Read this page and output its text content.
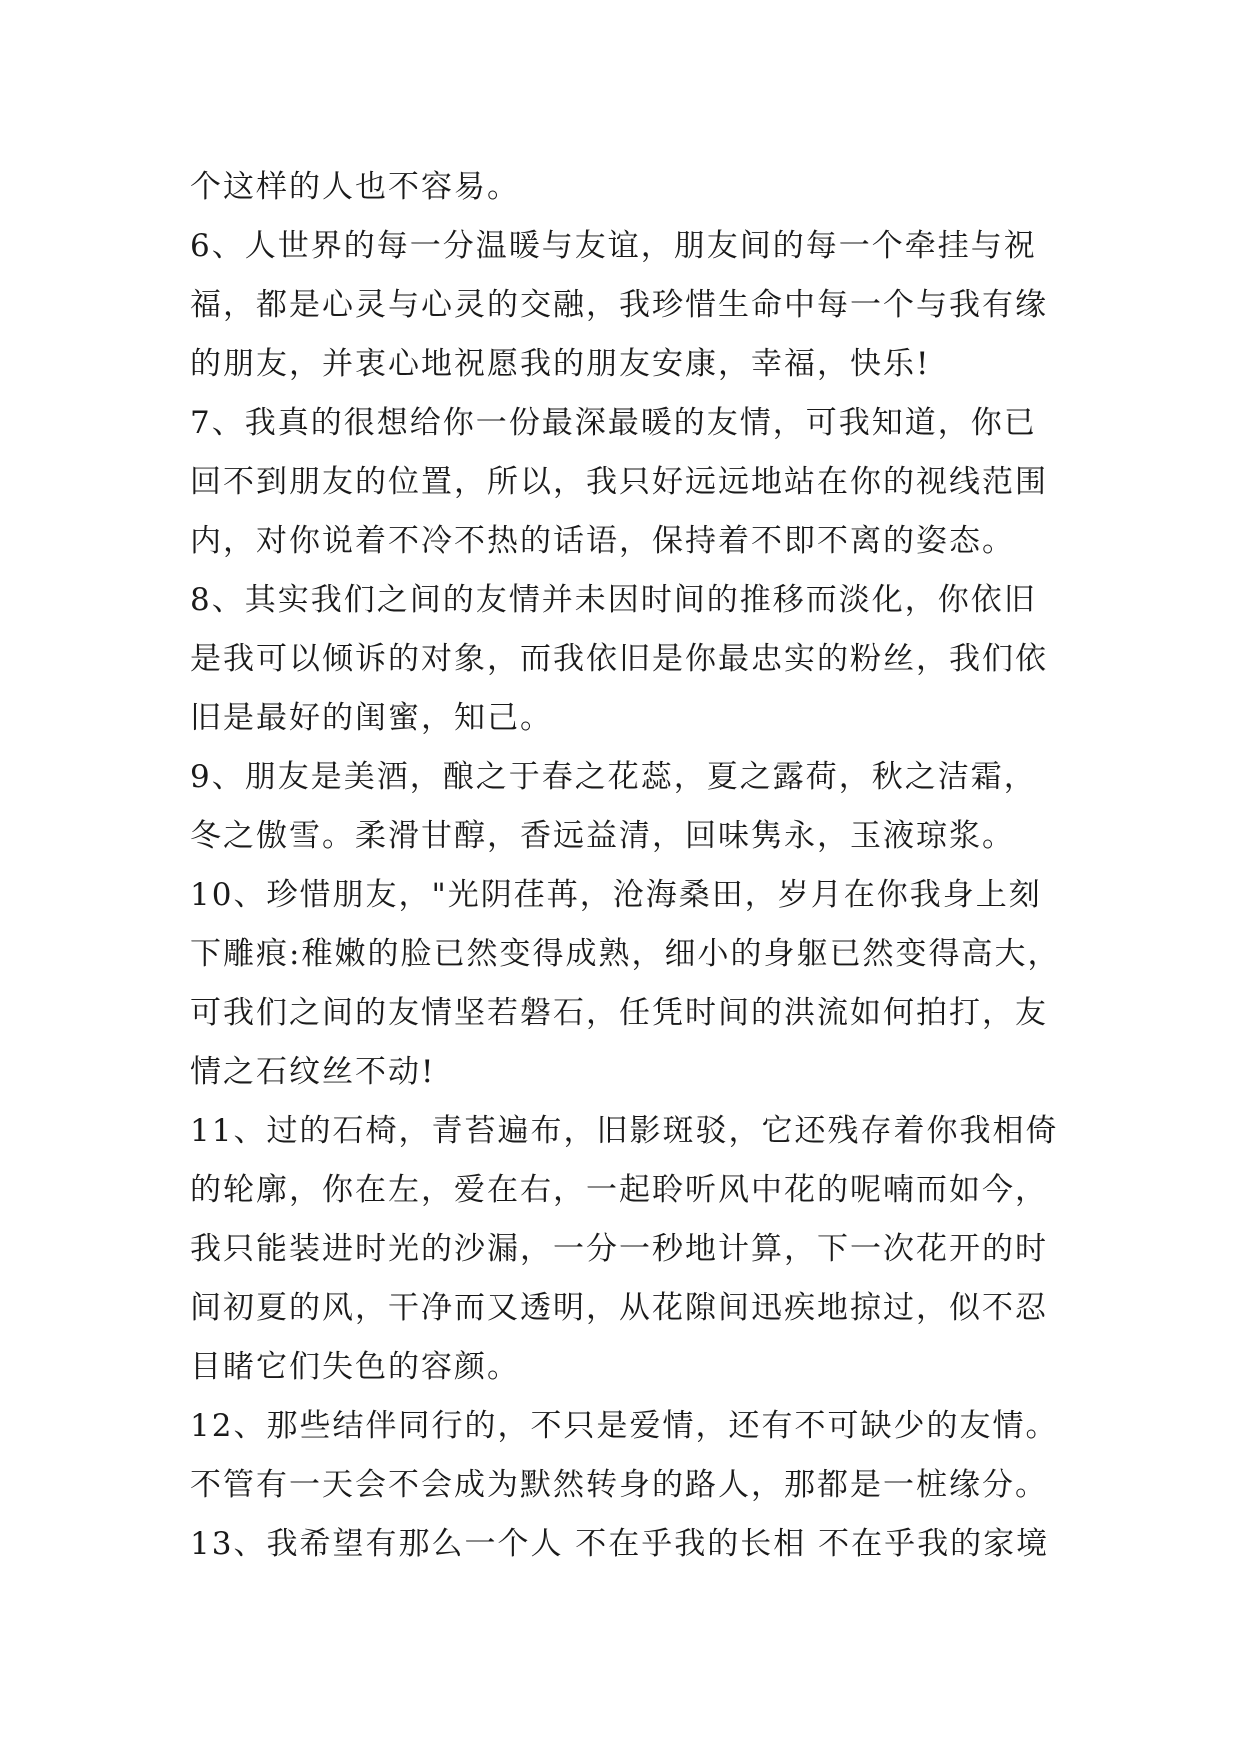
个这样的人也不容易。
6、人世界的每一分温暖与友谊，朋友间的每一个牵挂与祝
福，都是心灵与心灵的交融，我珍惜生命中每一个与我有缘
的朋友，并衷心地祝愿我的朋友安康，幸福，快乐!
7、我真的很想给你一份最深最暖的友情，可我知道，你已
回不到朋友的位置，所以，我只好远远地站在你的视线范围
内，对你说着不冷不热的话语，保持着不即不离的姿态。
8、其实我们之间的友情并未因时间的推移而淡化，你依旧
是我可以倾诉的对象，而我依旧是你最忠实的粉丝，我们依
旧是最好的闺蜜，知己。
9、朋友是美酒，酿之于春之花蕊，夏之露荷，秋之洁霜，
冬之傲雪。柔滑甘醇，香远益清，回味隽永，玉液琼浆。
10、珍惜朋友，"光阴荏苒，沧海桑田，岁月在你我身上刻
下雕痕:稚嫩的脸已然变得成熟，细小的身躯已然变得高大，
可我们之间的友情坚若磐石，任凭时间的洪流如何拍打，友
情之石纹丝不动!
11、过的石椅，青苔遍布，旧影斑驳，它还残存着你我相倚
的轮廓，你在左，爱在右，一起聆听风中花的呢喃而如今，
我只能装进时光的沙漏，一分一秒地计算，下一次花开的时
间初夏的风，干净而又透明，从花隙间迅疾地掠过，似不忍
目睹它们失色的容颜。
12、那些结伴同行的，不只是爱情，还有不可缺少的友情。
不管有一天会不会成为默然转身的路人，那都是一桩缘分。
13、我希望有那么一个人 不在乎我的长相 不在乎我的家境
